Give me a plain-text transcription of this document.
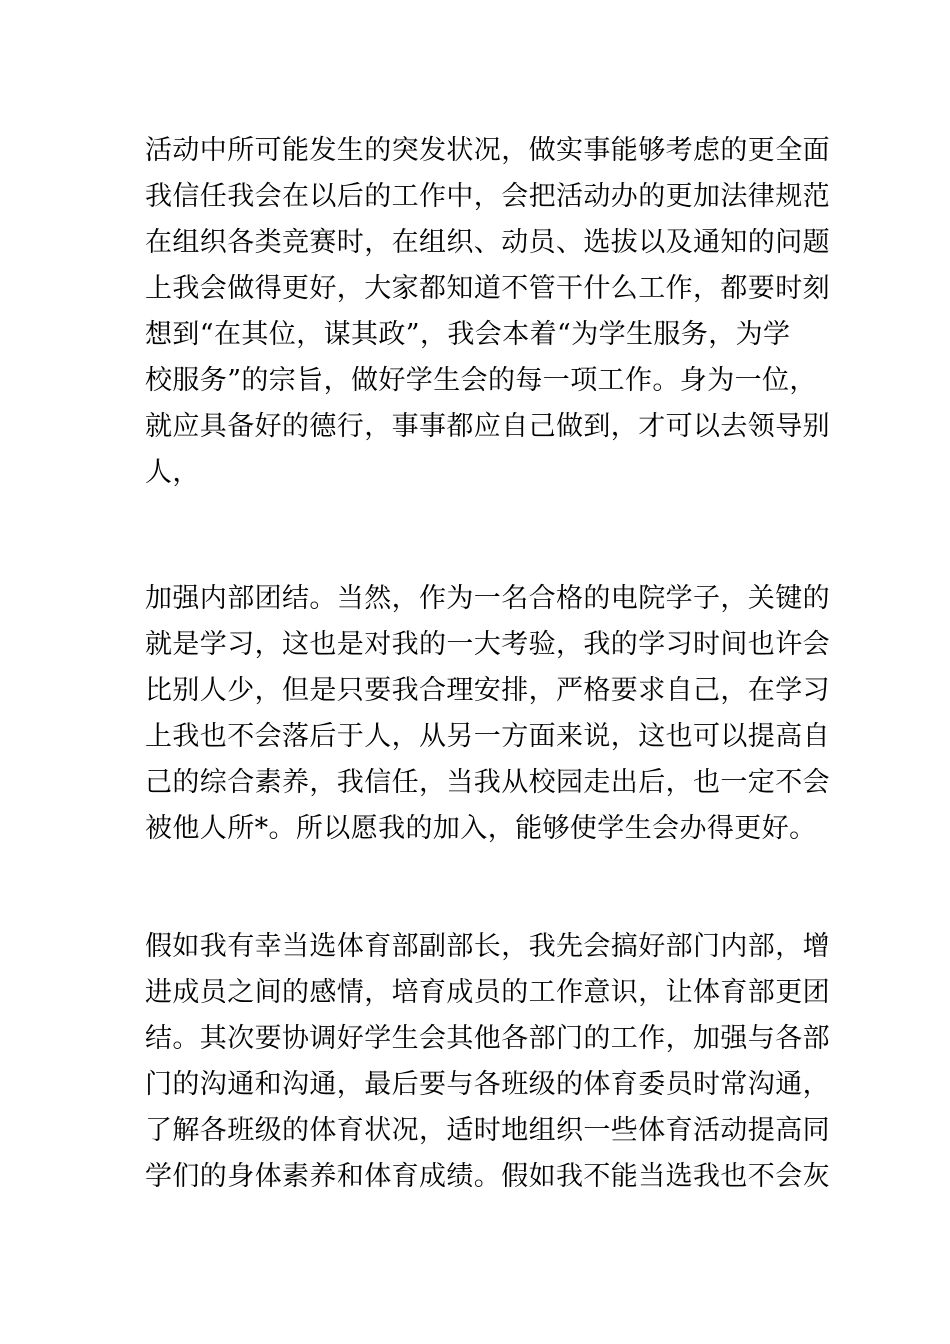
活动中所可能发生的突发状况，做实事能够考虑的更全面
我信任我会在以后的工作中，会把活动办的更加法律规范
在组织各类竞赛时，在组织、动员、选拔以及通知的问题
上我会做得更好，大家都知道不管干什么工作，都要时刻
想到“在其位，谋其政”，我会本着“为学生服务，为学
校服务”的宗旨，做好学生会的每一项工作。身为一位，
就应具备好的德行，事事都应自己做到，才可以去领导别
人，
加强内部团结。当然，作为一名合格的电院学子，关键的
就是学习，这也是对我的一大考验，我的学习时间也许会
比别人少，但是只要我合理安排，严格要求自己，在学习
上我也不会落后于人，从另一方面来说，这也可以提高自
己的综合素养，我信任，当我从校园走出后，也一定不会
被他人所*。所以愿我的加入，能够使学生会办得更好。
假如我有幸当选体育部副部长，我先会搞好部门内部，增
进成员之间的感情，培育成员的工作意识，让体育部更团
结。其次要协调好学生会其他各部门的工作，加强与各部
门的沟通和沟通，最后要与各班级的体育委员时常沟通，
了解各班级的体育状况，适时地组织一些体育活动提高同
学们的身体素养和体育成绩。假如我不能当选我也不会灰
